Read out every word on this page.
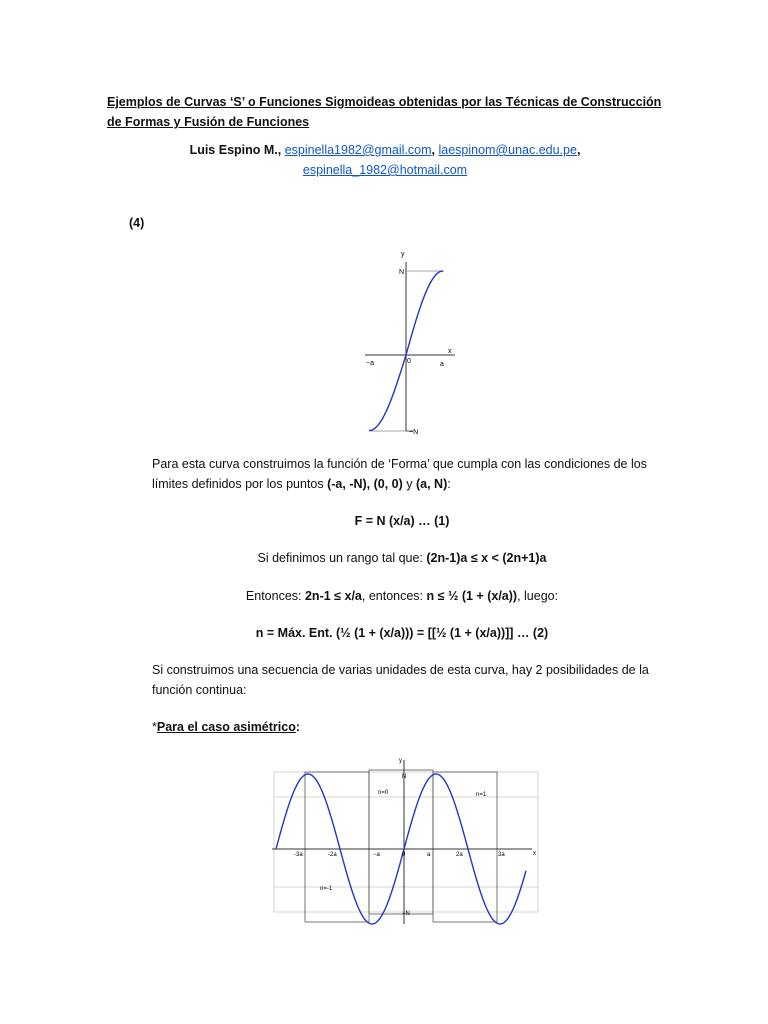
Ejemplos de Curvas ‘S’ o Funciones Sigmoideas obtenidas por las Técnicas de Construcción de Formas y Fusión de Funciones
Luis Espino M., espinella1982@gmail.com, laespinom@unac.edu.pe,
espinella_1982@hotmail.com
(4)
y
x
N
−N
−a	0	a
Para esta curva construimos la función de ‘Forma’ que cumpla con las condiciones de los límites definidos por los puntos (-a, -N), (0, 0) y (a, N):
F = N (x/a) … (1)
Si definimos un rango tal que: (2n-1)a ≤ x < (2n+1)a
Entonces: 2n-1 ≤ x/a, entonces: n ≤ ½ (1 + (x/a)), luego:
n = Máx. Ent. (½ (1 + (x/a))) = [[½ (1 + (x/a))]] … (2)
Si construimos una secuencia de varias unidades de esta curva, hay 2 posibilidades de la función continua:
*Para el caso asimétrico:
y
x
N
−N
-3a	-2a	−a	0	a	2a	3a
n=0	n=1
n=-1
